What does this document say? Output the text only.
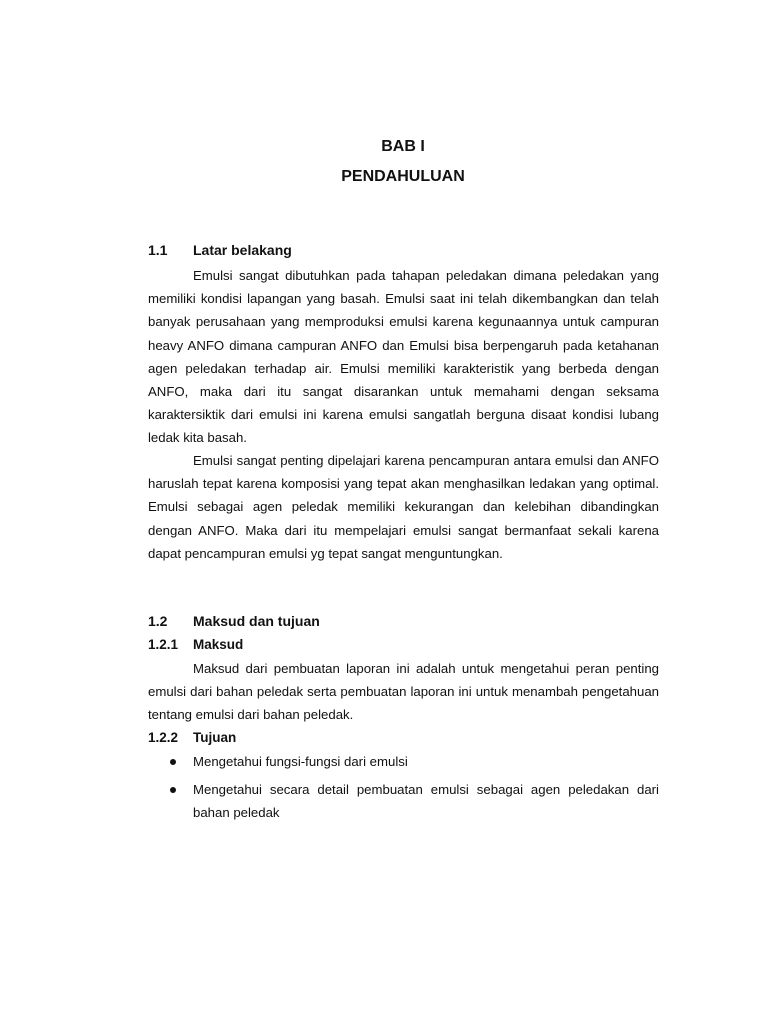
BAB I
PENDAHULUAN
1.1 Latar belakang

Emulsi sangat dibutuhkan pada tahapan peledakan dimana peledakan yang memiliki kondisi lapangan yang basah. Emulsi saat ini telah dikembangkan dan telah banyak perusahaan yang memproduksi emulsi karena kegunaannya untuk campuran heavy ANFO dimana campuran ANFO dan Emulsi bisa berpengaruh pada ketahanan agen peledakan terhadap air. Emulsi memiliki karakteristik yang berbeda dengan ANFO, maka dari itu sangat disarankan untuk memahami dengan seksama karaktersiktik dari emulsi ini karena emulsi sangatlah berguna disaat kondisi lubang ledak kita basah.

Emulsi sangat penting dipelajari karena pencampuran antara emulsi dan ANFO haruslah tepat karena komposisi yang tepat akan menghasilkan ledakan yang optimal. Emulsi sebagai agen peledak memiliki kekurangan dan kelebihan dibandingkan dengan ANFO. Maka dari itu mempelajari emulsi sangat bermanfaat sekali karena dapat pencampuran emulsi yg tepat sangat menguntungkan.

1.2 Maksud dan tujuan
1.2.1 Maksud

Maksud dari pembuatan laporan ini adalah untuk mengetahui peran penting emulsi dari bahan peledak serta pembuatan laporan ini untuk menambah pengetahuan tentang emulsi dari bahan peledak.

1.2.2 Tujuan
Mengetahui fungsi-fungsi dari emulsi
Mengetahui secara detail pembuatan emulsi sebagai agen peledakan dari bahan peledak
